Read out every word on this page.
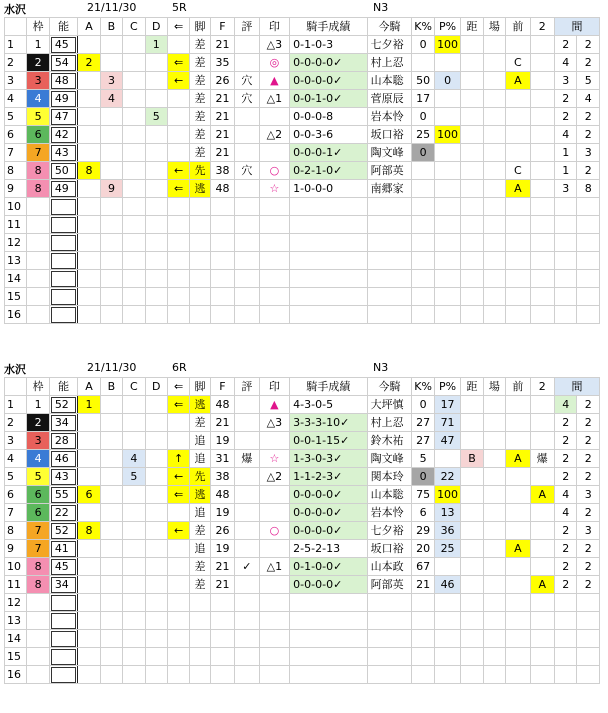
水沢	21/11/30	5R	N3
	枠	能	A	B	C	D	⇐	脚	F	評	印	騎手成績	今騎	K%	P%	距	場	前	2	間	
1	1	45				1		差	21		△3	0-1-0-3	七夕裕	0	100					2	2
2	2	54	2				⇐	差	35		◎	0-0-0-0✓	村上忍					C		4	2
3	3	48		3			←	差	26	穴	▲	0-0-0-0✓	山本聡	50	0			A		3	5
4	4	49		4				差	21	穴	△1	0-0-1-0✓	菅原辰	17						2	4
5	5	47				5		差	21			0-0-0-8	岩本怜	0						2	2
6	6	42						差	21		△2	0-0-3-6	坂口裕	25	100					4	2
7	7	43						差	21			0-0-0-1✓	陶文峰	0						1	3
8	8	50	8				←	先	38	穴	○	0-2-1-0✓	阿部英					C		1	2
9	8	49		9			⇐	逃	48		☆	1-0-0-0	南郷家					A		3	8
10		

11		

12		

13		

14		

15		

16		

水沢	21/11/30	6R	N3
	枠	能	A	B	C	D	⇐	脚	F	評	印	騎手成績	今騎	K%	P%	距	場	前	2	間	
1	1	52	1				⇐	逃	48		▲	4-3-0-5	大坪慎	0	17					4	2
2	2	34						差	21		△3	3-3-3-10✓	村上忍	27	71					2	2
3	3	28						追	19			0-0-1-15✓	鈴木祐	27	47					2	2
4	4	46			4		↑	追	31	爆	☆	1-3-0-3✓	陶文峰	5		B		A	爆	2	2
5	5	43			5		←	先	38		△2	1-1-2-3✓	関本玲	0	22					2	2
6	6	55	6				⇐	逃	48			0-0-0-0✓	山本聡	75	100				A	4	3
7	6	22						追	19			0-0-0-0✓	岩本怜	6	13					4	2
8	7	52	8				←	差	26		○	0-0-0-0✓	七夕裕	29	36					2	3
9	7	41						追	19			2-5-2-13	坂口裕	20	25			A		2	2
10	8	45						差	21	✓	△1	0-1-0-0✓	山本政	67						2	2
11	8	34						差	21			0-0-0-0✓	阿部英	21	46				A	2	2
12		

13		

14		

15		

16		
